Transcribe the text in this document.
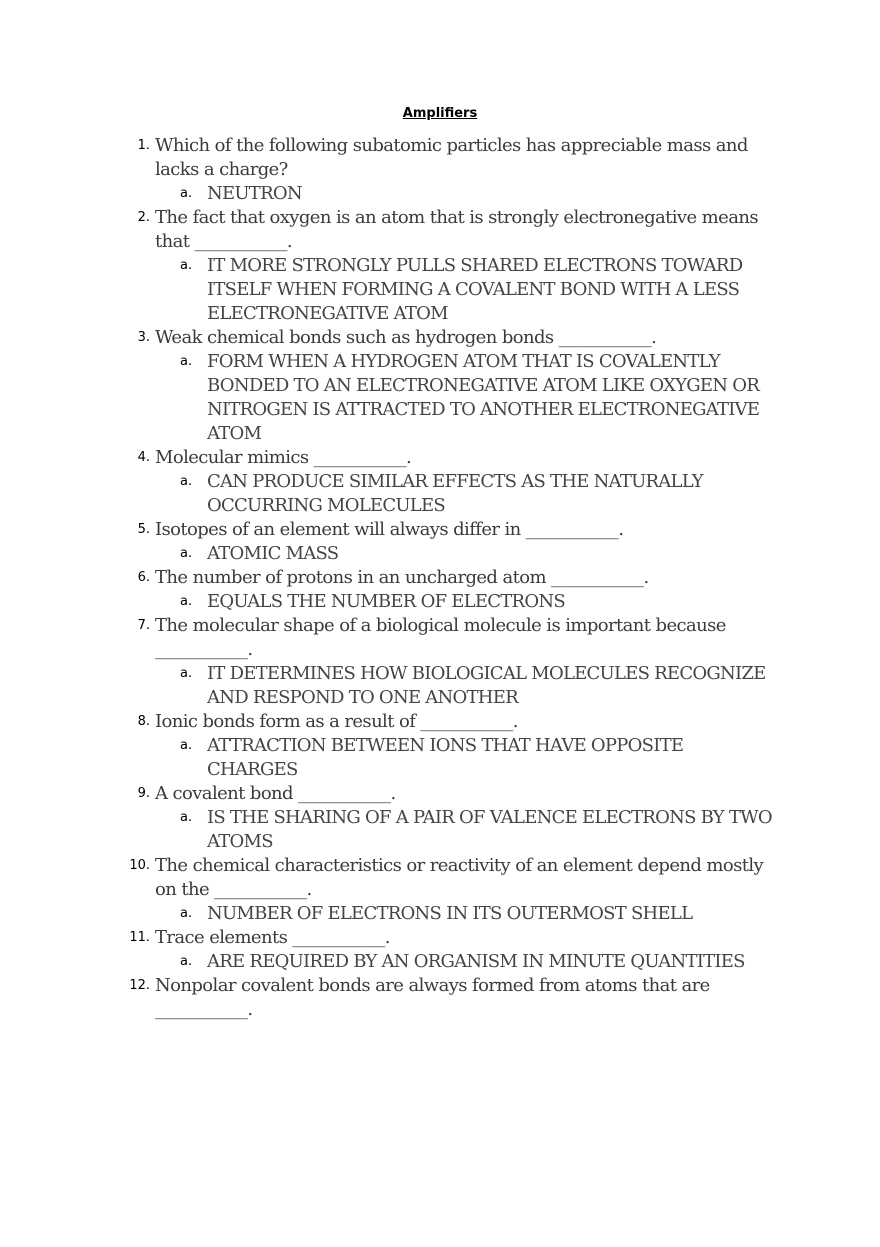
Amplifiers
1. Which of the following subatomic particles has appreciable mass and lacks a charge?
a. NEUTRON
2. The fact that oxygen is an atom that is strongly electronegative means that ___________.
a. IT MORE STRONGLY PULLS SHARED ELECTRONS TOWARD ITSELF WHEN FORMING A COVALENT BOND WITH A LESS ELECTRONEGATIVE ATOM
3. Weak chemical bonds such as hydrogen bonds ___________.
a. FORM WHEN A HYDROGEN ATOM THAT IS COVALENTLY BONDED TO AN ELECTRONEGATIVE ATOM LIKE OXYGEN OR NITROGEN IS ATTRACTED TO ANOTHER ELECTRONEGATIVE ATOM
4. Molecular mimics ___________.
a. CAN PRODUCE SIMILAR EFFECTS AS THE NATURALLY OCCURRING MOLECULES
5. Isotopes of an element will always differ in ___________.
a. ATOMIC MASS
6. The number of protons in an uncharged atom ___________.
a. EQUALS THE NUMBER OF ELECTRONS
7. The molecular shape of a biological molecule is important because ___________.
a. IT DETERMINES HOW BIOLOGICAL MOLECULES RECOGNIZE AND RESPOND TO ONE ANOTHER
8. Ionic bonds form as a result of ___________.
a. ATTRACTION BETWEEN IONS THAT HAVE OPPOSITE CHARGES
9. A covalent bond ___________.
a. IS THE SHARING OF A PAIR OF VALENCE ELECTRONS BY TWO ATOMS
10. The chemical characteristics or reactivity of an element depend mostly on the ___________.
a. NUMBER OF ELECTRONS IN ITS OUTERMOST SHELL
11. Trace elements ___________.
a. ARE REQUIRED BY AN ORGANISM IN MINUTE QUANTITIES
12. Nonpolar covalent bonds are always formed from atoms that are ___________.
